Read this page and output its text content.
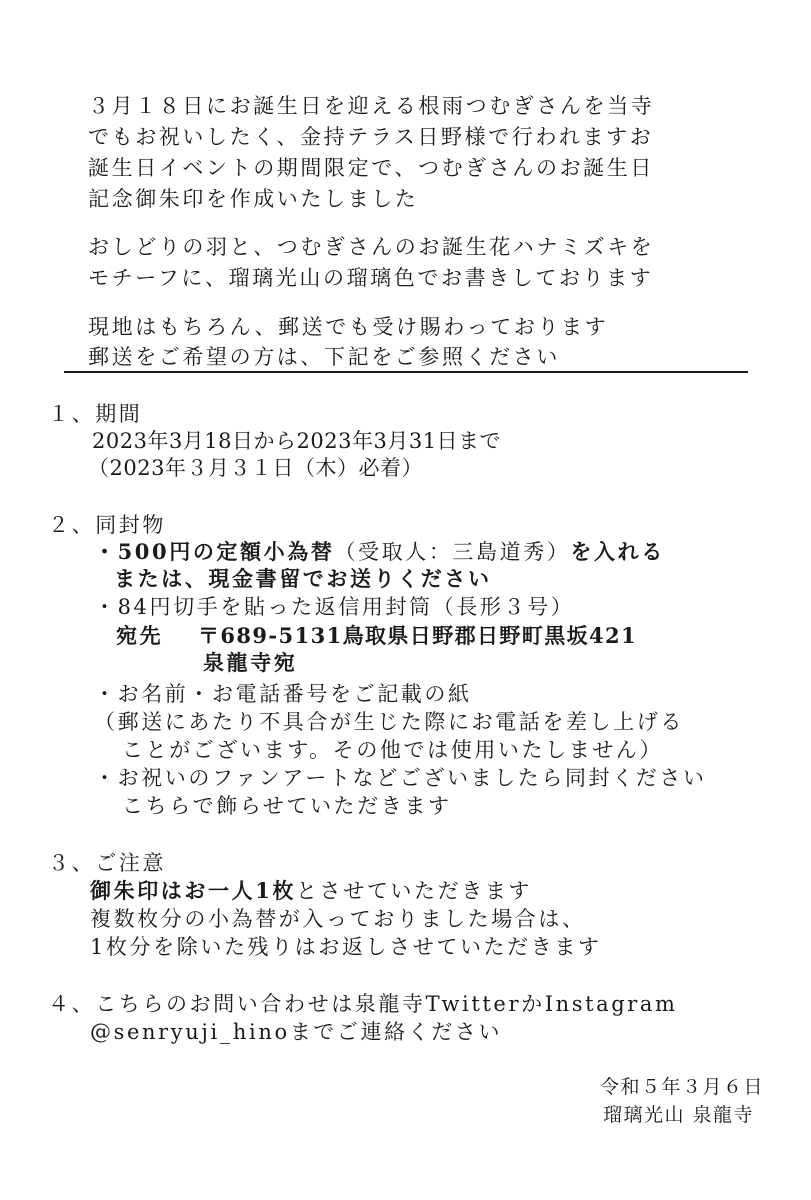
３月１８日にお誕生日を迎える根雨つむぎさんを当寺
でもお祝いしたく、金持テラス日野様で行われますお
誕生日イベントの期間限定で、つむぎさんのお誕生日
記念御朱印を作成いたしました
おしどりの羽と、つむぎさんのお誕生花ハナミズキを
モチーフに、瑠璃光山の瑠璃色でお書きしております
現地はもちろん、郵送でも受け賜わっております
郵送をご希望の方は、下記をご参照ください
１、期間
2023年3月18日から2023年3月31日まで
（2023年３月３１日（木）必着）
２、同封物
・500円の定額小為替（受取人：三島道秀）を入れる
または、現金書留でお送りください
・84円切手を貼った返信用封筒（長形３号）
宛先 〒689-5131鳥取県日野郡日野町黒坂421
泉龍寺宛
・お名前・お電話番号をご記載の紙
（郵送にあたり不具合が生じた際にお電話を差し上げる
ことがございます。その他では使用いたしません）
・お祝いのファンアートなどございましたら同封ください
こちらで飾らせていただきます
３、ご注意
御朱印はお一人1枚とさせていただきます
複数枚分の小為替が入っておりました場合は、
1枚分を除いた残りはお返しさせていただきます
４、こちらのお問い合わせは泉龍寺TwitterかInstagram
@senryuji_hinoまでご連絡ください
令和５年３月６日
瑠璃光山 泉龍寺
